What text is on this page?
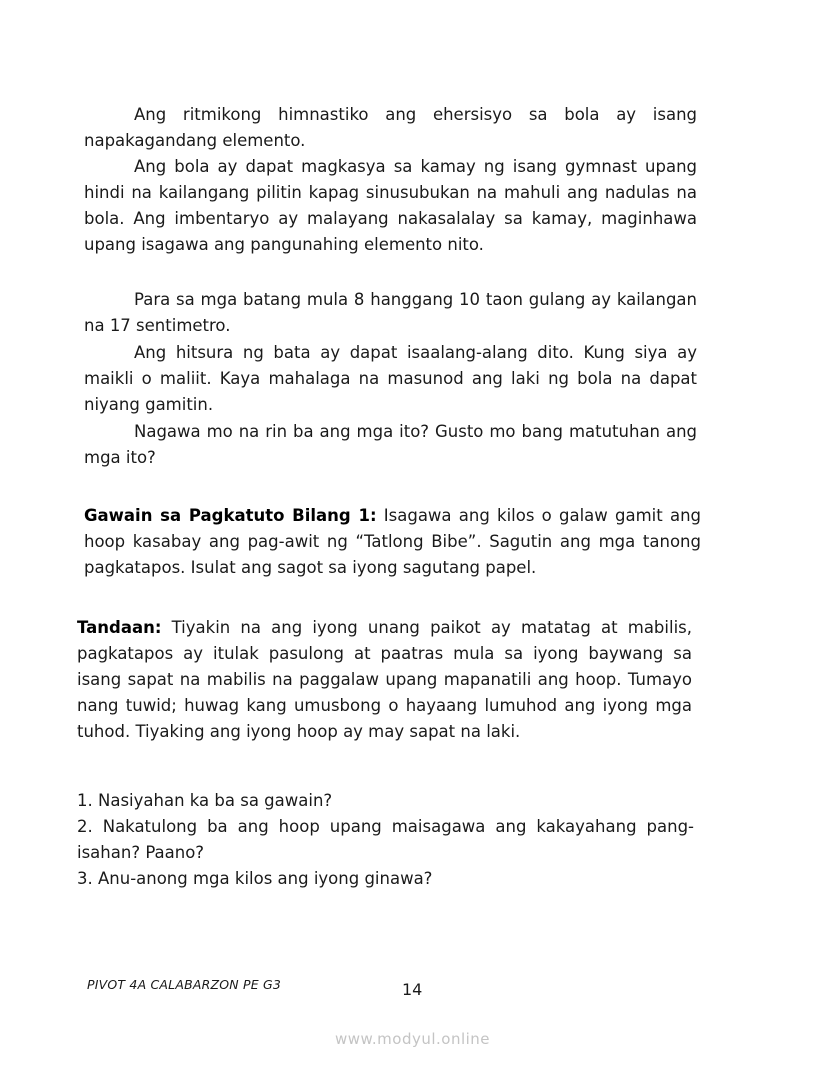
Ang ritmikong himnastiko ang ehersisyo sa bola ay isang napakagandang elemento.

Ang bola ay dapat magkasya sa kamay ng isang gymnast upang hindi na kailangang pilitin kapag sinusubukan na mahuli ang nadulas na bola. Ang imbentaryo ay malayang nakasalalay sa kamay, maginhawa upang isagawa ang pangunahing elemento nito.

Para sa mga batang mula 8 hanggang 10 taon gulang ay kailangan na 17 sentimetro.

Ang hitsura ng bata ay dapat isaalang-alang dito. Kung siya ay maikli o maliit. Kaya mahalaga na masunod ang laki ng bola na dapat niyang gamitin.

Nagawa mo na rin ba ang mga ito? Gusto mo bang matutuhan ang mga ito?

Gawain sa Pagkatuto Bilang 1: Isagawa ang kilos o galaw gamit ang hoop kasabay ang pag-awit ng “Tatlong Bibe”. Sagutin ang mga tanong pagkatapos. Isulat ang sagot sa iyong sagutang papel.

Tandaan: Tiyakin na ang iyong unang paikot ay matatag at mabilis, pagkatapos ay itulak pasulong at paatras mula sa iyong baywang sa isang sapat na mabilis na paggalaw upang mapanatili ang hoop. Tumayo nang tuwid; huwag kang umusbong o hayaang lumuhod ang iyong mga tuhod. Tiyaking ang iyong hoop ay may sapat na laki.

1. Nasiyahan ka ba sa gawain?
2. Nakatulong ba ang hoop upang maisagawa ang kakayahang pang-isahan? Paano?
3. Anu-anong mga kilos ang iyong ginawa?
PIVOT 4A CALABARZON PE G3	14
www.modyul.online
